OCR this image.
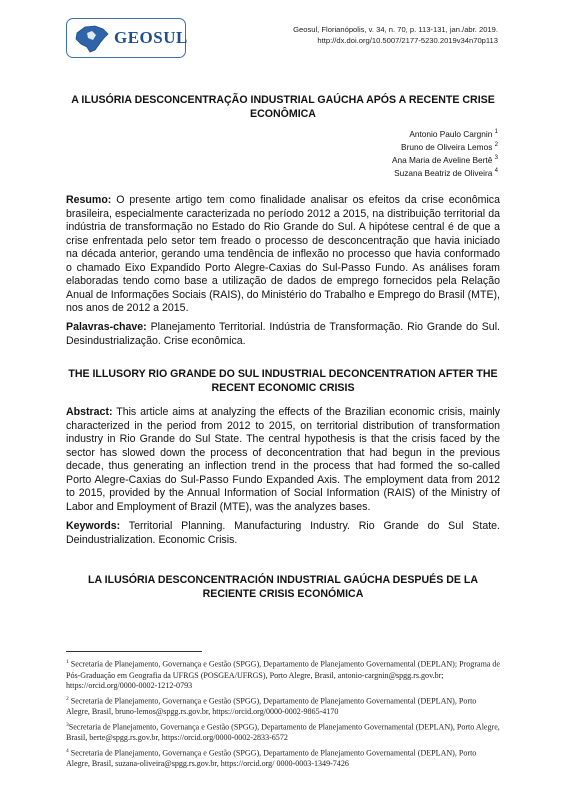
GEOSUL	Geosul, Florianópolis, v. 34, n. 70, p. 113-131, jan./abr. 2019.
http://dx.doi.org/10.5007/2177-5230.2019v34n70p113
A ILUSÓRIA DESCONCENTRAÇÃO INDUSTRIAL GAÚCHA APÓS A RECENTE CRISE ECONÔMICA
Antonio Paulo Cargnin $^1$
Bruno de Oliveira Lemos $^2$
Ana Maria de Aveline Bertê $^3$
Suzana Beatriz de Oliveira $^4$
Resumo: O presente artigo tem como finalidade analisar os efeitos da crise econômica brasileira, especialmente caracterizada no período 2012 a 2015, na distribuição territorial da indústria de transformação no Estado do Rio Grande do Sul. A hipótese central é de que a crise enfrentada pelo setor tem freado o processo de desconcentração que havia iniciado na década anterior, gerando uma tendência de inflexão no processo que havia conformado o chamado Eixo Expandido Porto Alegre-Caxias do Sul-Passo Fundo. As análises foram elaboradas tendo como base a utilização de dados de emprego fornecidos pela Relação Anual de Informações Sociais (RAIS), do Ministério do Trabalho e Emprego do Brasil (MTE), nos anos de 2012 a 2015.
Palavras-chave: Planejamento Territorial. Indústria de Transformação. Rio Grande do Sul. Desindustrialização. Crise econômica.
THE ILLUSORY RIO GRANDE DO SUL INDUSTRIAL DECONCENTRATION AFTER THE RECENT ECONOMIC CRISIS
Abstract: This article aims at analyzing the effects of the Brazilian economic crisis, mainly characterized in the period from 2012 to 2015, on territorial distribution of transformation industry in Rio Grande do Sul State. The central hypothesis is that the crisis faced by the sector has slowed down the process of deconcentration that had begun in the previous decade, thus generating an inflection trend in the process that had formed the so-called Porto Alegre-Caxias do Sul-Passo Fundo Expanded Axis. The employment data from 2012 to 2015, provided by the Annual Information of Social Information (RAIS) of the Ministry of Labor and Employment of Brazil (MTE), was the analyzes bases.
Keywords: Territorial Planning. Manufacturing Industry. Rio Grande do Sul State. Deindustrialization. Economic Crisis.
LA ILUSÓRIA DESCONCENTRACIÓN INDUSTRIAL GAÚCHA DESPUÉS DE LA RECIENTE CRISIS ECONÓMICA

$^1$ Secretaria de Planejamento, Governança e Gestão (SPGG), Departamento de Planejamento Governamental (DEPLAN); Programa de Pós-Graduação em Geografia da UFRGS (POSGEA/UFRGS), Porto Alegre, Brasil, antonio-cargnin@spgg.rs.gov.br; https://orcid.org/0000-0002-1212-0793

$^2$ Secretaria de Planejamento, Governança e Gestão (SPGG), Departamento de Planejamento Governamental (DEPLAN), Porto Alegre, Brasil, bruno-lemos@spgg.rs.gov.br, https://orcid.org/0000-0002-9865-4170

$^3$Secretaria de Planejamento, Governança e Gestão (SPGG), Departamento de Planejamento Governamental (DEPLAN), Porto Alegre, Brasil, berte@spgg.rs.gov.br, https://orcid.org/0000-0002-2833-6572

$^4$ Secretaria de Planejamento, Governança e Gestão (SPGG), Departamento de Planejamento Governamental (DEPLAN), Porto Alegre, Brasil, suzana-oliveira@spgg.rs.gov.br, https://orcid.org/ 0000-0003-1349-7426
